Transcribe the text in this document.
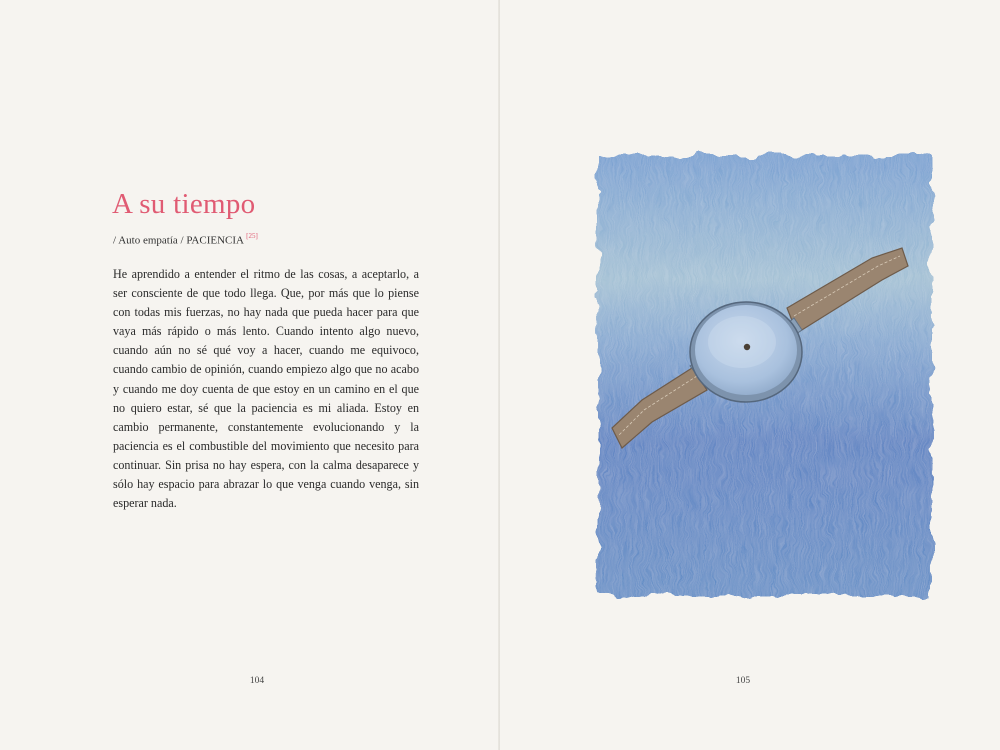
A su tiempo
/ Auto empatía / PACIENCIA [25]

He aprendido a entender el ritmo de las cosas, a aceptarlo, a ser consciente de que todo llega. Que, por más que lo piense con todas mis fuerzas, no hay nada que pueda hacer para que vaya más rápido o más lento. Cuando intento algo nuevo, cuando aún no sé qué voy a hacer, cuando me equivoco, cuando cambio de opinión, cuando empiezo algo que no acabo y cuando me doy cuenta de que estoy en un camino en el que no quiero estar, sé que la paciencia es mi aliada. Estoy en cambio permanente, constantemente evolucionando y la paciencia es el combustible del movimiento que necesito para continuar. Sin prisa no hay espera, con la calma desaparece y sólo hay espacio para abrazar lo que venga cuando venga, sin esperar nada.

104	105
